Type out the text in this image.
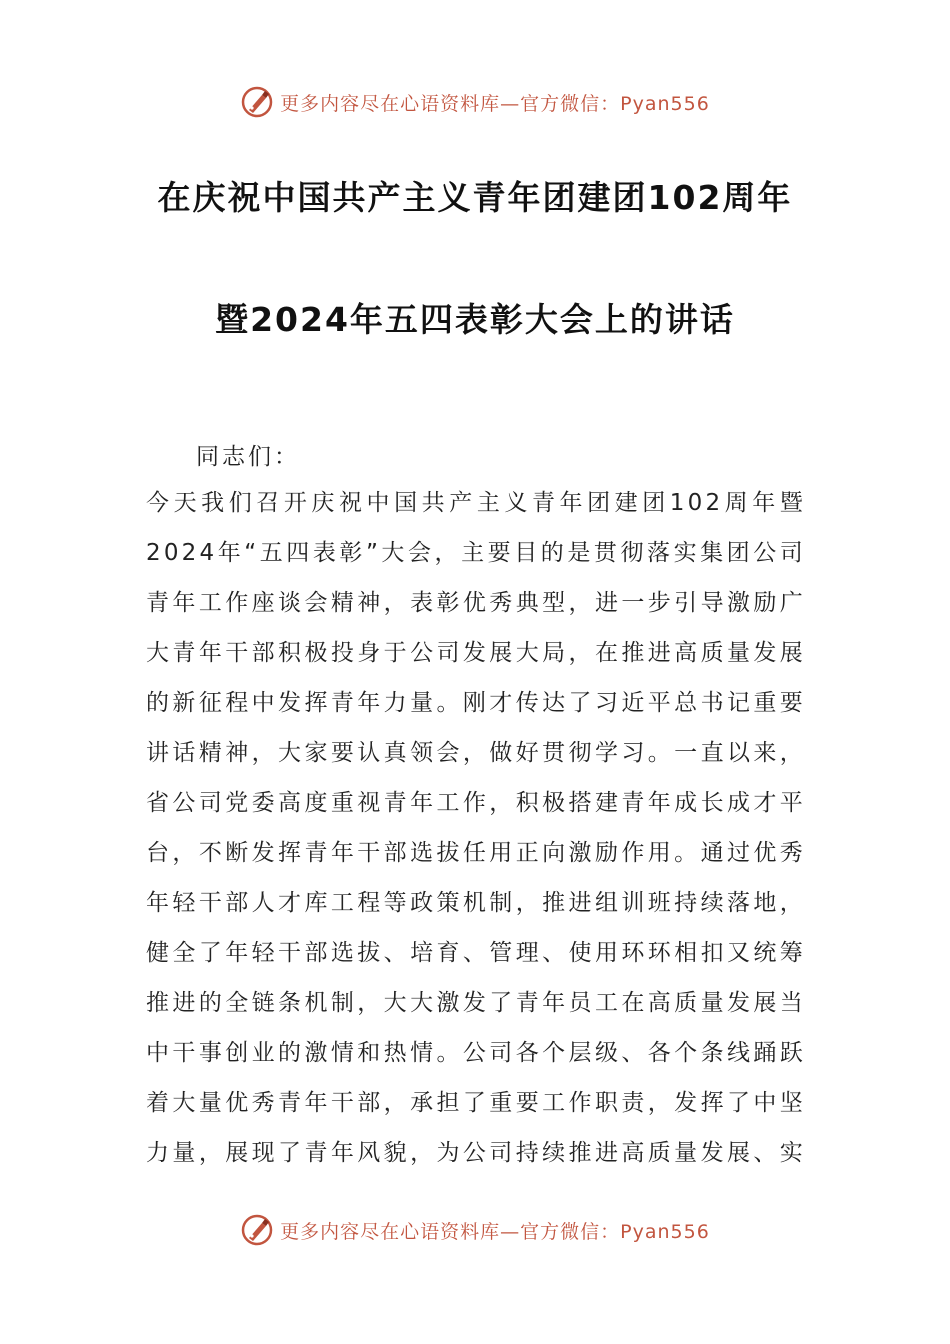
更多内容尽在心语资料库—官方微信：Pyan556
在庆祝中国共产主义青年团建团102周年
暨2024年五四表彰大会上的讲话
同志们：
今天我们召开庆祝中国共产主义青年团建团102周年暨
2024年“五四表彰”大会，主要目的是贯彻落实集团公司
青年工作座谈会精神，表彰优秀典型，进一步引导激励广
大青年干部积极投身于公司发展大局，在推进高质量发展
的新征程中发挥青年力量。刚才传达了习近平总书记重要
讲话精神，大家要认真领会，做好贯彻学习。一直以来，
省公司党委高度重视青年工作，积极搭建青年成长成才平
台，不断发挥青年干部选拔任用正向激励作用。通过优秀
年轻干部人才库工程等政策机制，推进组训班持续落地，
健全了年轻干部选拔、培育、管理、使用环环相扣又统筹
推进的全链条机制，大大激发了青年员工在高质量发展当
中干事创业的激情和热情。公司各个层级、各个条线踊跃
着大量优秀青年干部，承担了重要工作职责，发挥了中坚
力量，展现了青年风貌，为公司持续推进高质量发展、实
更多内容尽在心语资料库—官方微信：Pyan556
